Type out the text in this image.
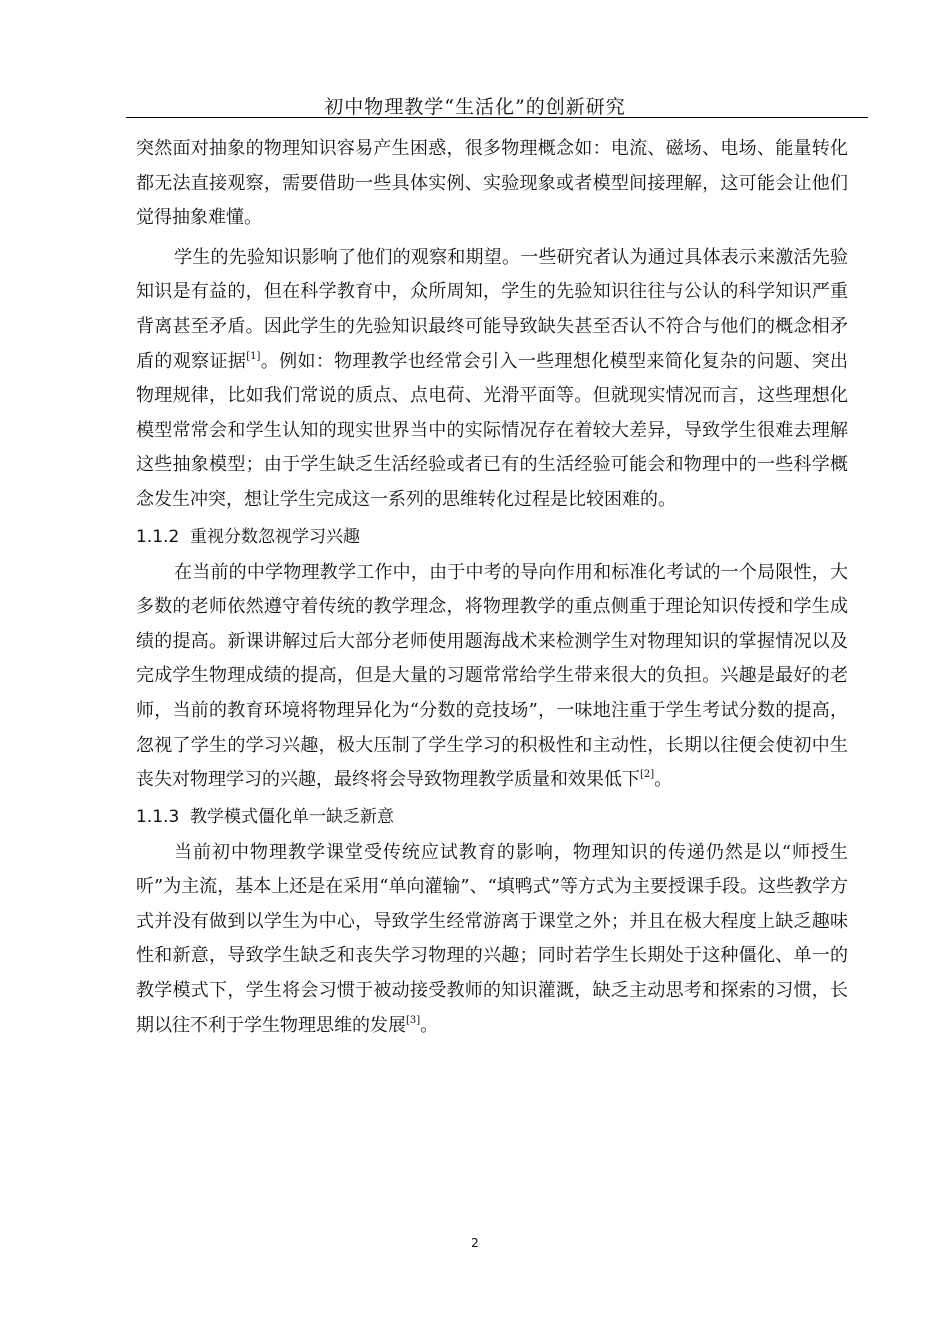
初中物理教学“生活化”的创新研究

突然面对抽象的物理知识容易产生困惑，很多物理概念如：电流、磁场、电场、能量转化都无法直接观察，需要借助一些具体实例、实验现象或者模型间接理解，这可能会让他们觉得抽象难懂。

学生的先验知识影响了他们的观察和期望。一些研究者认为通过具体表示来激活先验知识是有益的，但在科学教育中，众所周知，学生的先验知识往往与公认的科学知识严重背离甚至矛盾。因此学生的先验知识最终可能导致缺失甚至否认不符合与他们的概念相矛盾的观察证据[1]。例如：物理教学也经常会引入一些理想化模型来简化复杂的问题、突出物理规律，比如我们常说的质点、点电荷、光滑平面等。但就现实情况而言，这些理想化模型常常会和学生认知的现实世界当中的实际情况存在着较大差异，导致学生很难去理解这些抽象模型；由于学生缺乏生活经验或者已有的生活经验可能会和物理中的一些科学概念发生冲突，想让学生完成这一系列的思维转化过程是比较困难的。

1.1.2 重视分数忽视学习兴趣

在当前的中学物理教学工作中，由于中考的导向作用和标准化考试的一个局限性，大多数的老师依然遵守着传统的教学理念，将物理教学的重点侧重于理论知识传授和学生成绩的提高。新课讲解过后大部分老师使用题海战术来检测学生对物理知识的掌握情况以及完成学生物理成绩的提高，但是大量的习题常常给学生带来很大的负担。兴趣是最好的老师，当前的教育环境将物理异化为“分数的竞技场”，一味地注重于学生考试分数的提高，忽视了学生的学习兴趣，极大压制了学生学习的积极性和主动性，长期以往便会使初中生丧失对物理学习的兴趣，最终将会导致物理教学质量和效果低下[2]。

1.1.3 教学模式僵化单一缺乏新意

当前初中物理教学课堂受传统应试教育的影响，物理知识的传递仍然是以“师授生听”为主流，基本上还是在采用“单向灌输”、“填鸭式”等方式为主要授课手段。这些教学方式并没有做到以学生为中心，导致学生经常游离于课堂之外；并且在极大程度上缺乏趣味性和新意，导致学生缺乏和丧失学习物理的兴趣；同时若学生长期处于这种僵化、单一的教学模式下，学生将会习惯于被动接受教师的知识灌溉，缺乏主动思考和探索的习惯，长期以往不利于学生物理思维的发展[3]。

2
